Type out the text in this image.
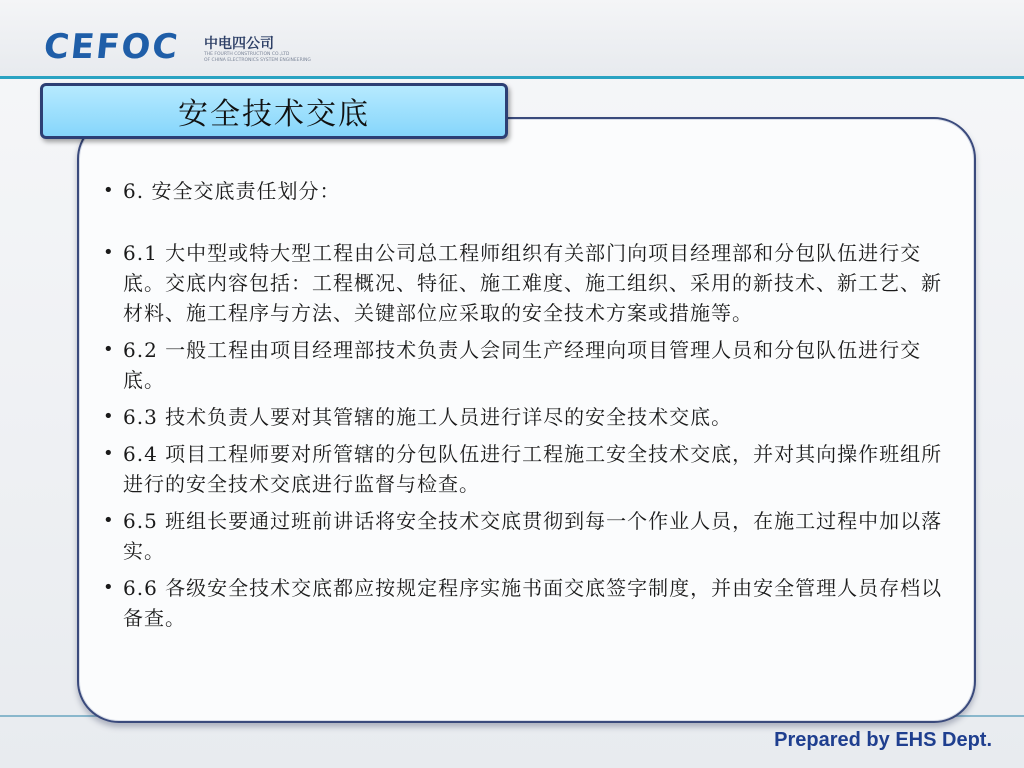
CEFOC 中电四公司
THE FOURTH CONSTRUCTION CO.,LTD
OF CHINA ELECTRONICS SYSTEM ENGINEERING
安全技术交底

• 6. 安全交底责任划分：

• 6.1 大中型或特大型工程由公司总工程师组织有关部门向项目经理部和分包队伍进行交底。交底内容包括：工程概况、特征、施工难度、施工组织、采用的新技术、新工艺、新材料、施工程序与方法、关键部位应采取的安全技术方案或措施等。

• 6.2 一般工程由项目经理部技术负责人会同生产经理向项目管理人员和分包队伍进行交底。

• 6.3 技术负责人要对其管辖的施工人员进行详尽的安全技术交底。

• 6.4 项目工程师要对所管辖的分包队伍进行工程施工安全技术交底，并对其向操作班组所进行的安全技术交底进行监督与检查。

• 6.5 班组长要通过班前讲话将安全技术交底贯彻到每一个作业人员，在施工过程中加以落实。

• 6.6 各级安全技术交底都应按规定程序实施书面交底签字制度，并由安全管理人员存档以备查。

Prepared by EHS Dept.
